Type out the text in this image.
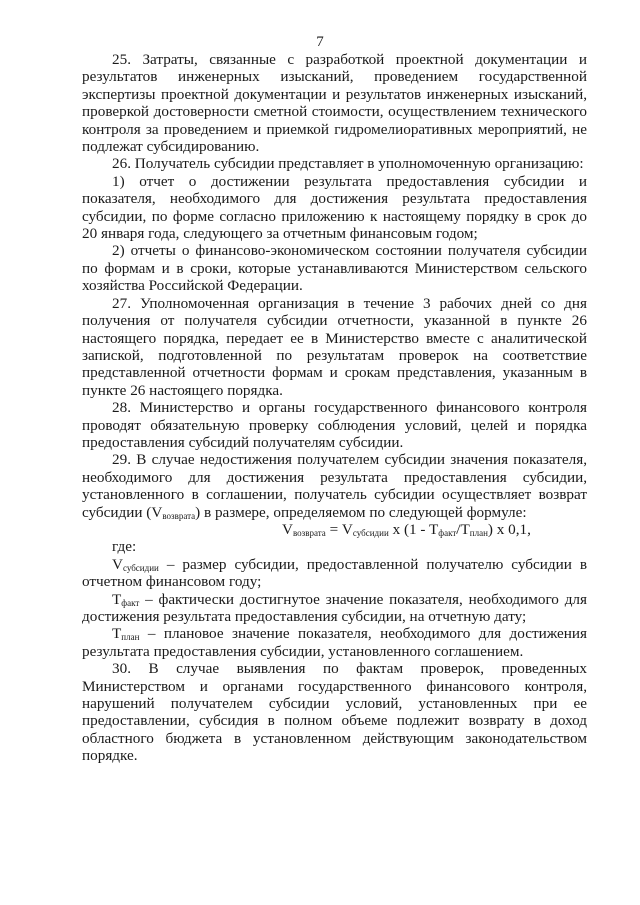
7

25. Затраты, связанные с разработкой проектной документации и результатов инженерных изысканий, проведением государственной экспертизы проектной документации и результатов инженерных изысканий, проверкой достоверности сметной стоимости, осуществлением технического контроля за проведением и приемкой гидромелиоративных мероприятий, не подлежат субсидированию.

26. Получатель субсидии представляет в уполномоченную организацию:

1) отчет о достижении результата предоставления субсидии и показателя, необходимого для достижения результата предоставления субсидии, по форме согласно приложению к настоящему порядку в срок до 20 января года, следующего за отчетным финансовым годом;

2) отчеты о финансово-экономическом состоянии получателя субсидии по формам и в сроки, которые устанавливаются Министерством сельского хозяйства Российской Федерации.

27. Уполномоченная организация в течение 3 рабочих дней со дня получения от получателя субсидии отчетности, указанной в пункте 26 настоящего порядка, передает ее в Министерство вместе с аналитической запиской, подготовленной по результатам проверок на соответствие представленной отчетности формам и срокам представления, указанным в пункте 26 настоящего порядка.

28. Министерство и органы государственного финансового контроля проводят обязательную проверку соблюдения условий, целей и порядка предоставления субсидий получателям субсидии.

29. В случае недостижения получателем субсидии значения показателя, необходимого для достижения результата предоставления субсидии, установленного в соглашении, получатель субсидии осуществляет возврат субсидии $(V_{возврата})$ в размере, определяемом по следующей формуле:

$V_{возврата} = V_{субсидии}$ x $(1 - T_{факт}/T_{план})$ x 0,1,

где:

$V_{субсидии}$ – размер субсидии, предоставленной получателю субсидии в отчетном финансовом году;

$T_{факт}$ – фактически достигнутое значение показателя, необходимого для достижения результата предоставления субсидии, на отчетную дату;

$T_{план}$ – плановое значение показателя, необходимого для достижения результата предоставления субсидии, установленного соглашением.

30. В случае выявления по фактам проверок, проведенных Министерством и органами государственного финансового контроля, нарушений получателем субсидии условий, установленных при ее предоставлении, субсидия в полном объеме подлежит возврату в доход областного бюджета в установленном действующим законодательством порядке.
